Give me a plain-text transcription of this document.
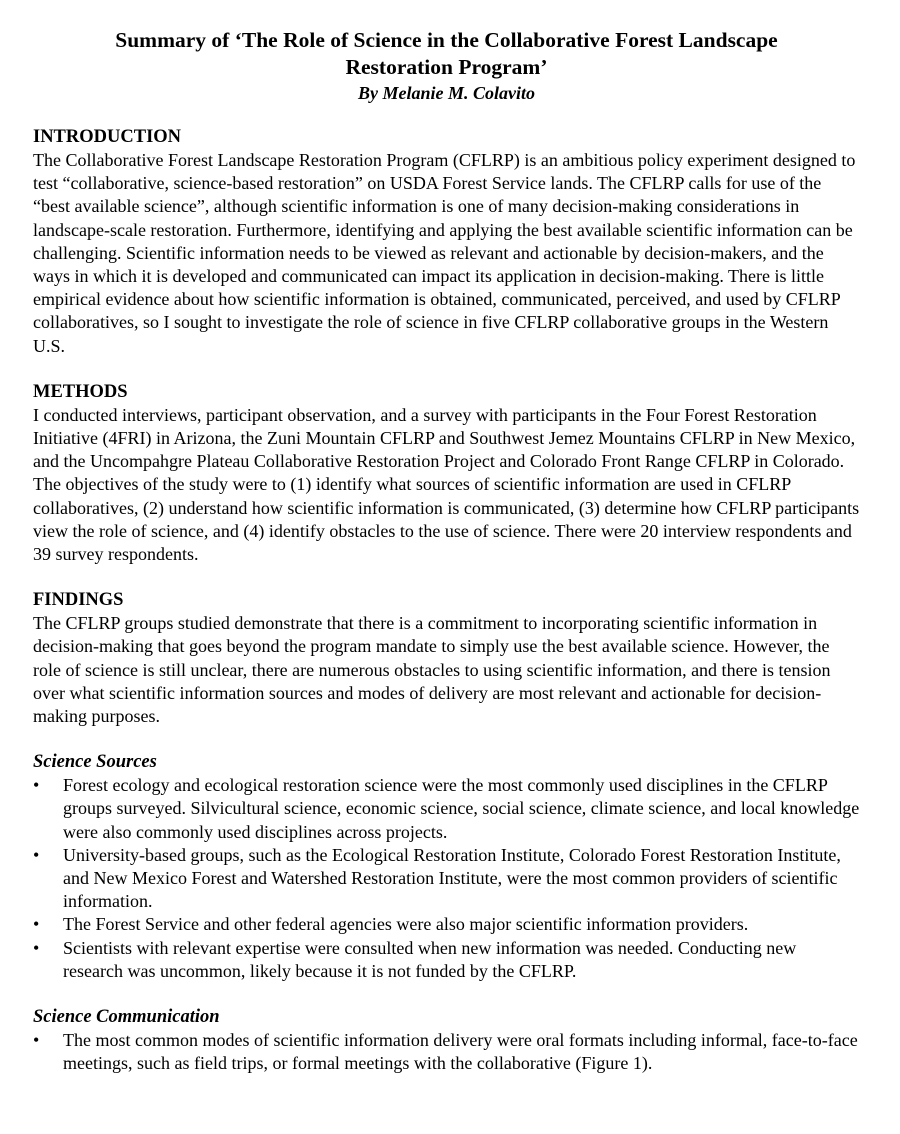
Summary of ‘The Role of Science in the Collaborative Forest Landscape
Restoration Program’

By Melanie M. Colavito

INTRODUCTION

The Collaborative Forest Landscape Restoration Program (CFLRP) is an ambitious policy experiment designed to test “collaborative, science-based restoration” on USDA Forest Service lands. The CFLRP calls for use of the “best available science”, although scientific information is one of many decision-making considerations in landscape-scale restoration. Furthermore, identifying and applying the best available scientific information can be challenging. Scientific information needs to be viewed as relevant and actionable by decision-makers, and the ways in which it is developed and communicated can impact its application in decision-making. There is little empirical evidence about how scientific information is obtained, communicated, perceived, and used by CFLRP collaboratives, so I sought to investigate the role of science in five CFLRP collaborative groups in the Western U.S.

METHODS

I conducted interviews, participant observation, and a survey with participants in the Four Forest Restoration Initiative (4FRI) in Arizona, the Zuni Mountain CFLRP and Southwest Jemez Mountains CFLRP in New Mexico, and the Uncompahgre Plateau Collaborative Restoration Project and Colorado Front Range CFLRP in Colorado. The objectives of the study were to (1) identify what sources of scientific information are used in CFLRP collaboratives, (2) understand how scientific information is communicated, (3) determine how CFLRP participants view the role of science, and (4) identify obstacles to the use of science. There were 20 interview respondents and 39 survey respondents.

FINDINGS

The CFLRP groups studied demonstrate that there is a commitment to incorporating scientific information in decision-making that goes beyond the program mandate to simply use the best available science. However, the role of science is still unclear, there are numerous obstacles to using scientific information, and there is tension over what scientific information sources and modes of delivery are most relevant and actionable for decision-making purposes.

Science Sources

•	Forest ecology and ecological restoration science were the most commonly used disciplines in the CFLRP groups surveyed. Silvicultural science, economic science, social science, climate science, and local knowledge were also commonly used disciplines across projects.
•	University-based groups, such as the Ecological Restoration Institute, Colorado Forest Restoration Institute, and New Mexico Forest and Watershed Restoration Institute, were the most common providers of scientific information.
•	The Forest Service and other federal agencies were also major scientific information providers.
•	Scientists with relevant expertise were consulted when new information was needed. Conducting new research was uncommon, likely because it is not funded by the CFLRP.

Science Communication

•	The most common modes of scientific information delivery were oral formats including informal, face-to-face meetings, such as field trips, or formal meetings with the collaborative (Figure 1).
